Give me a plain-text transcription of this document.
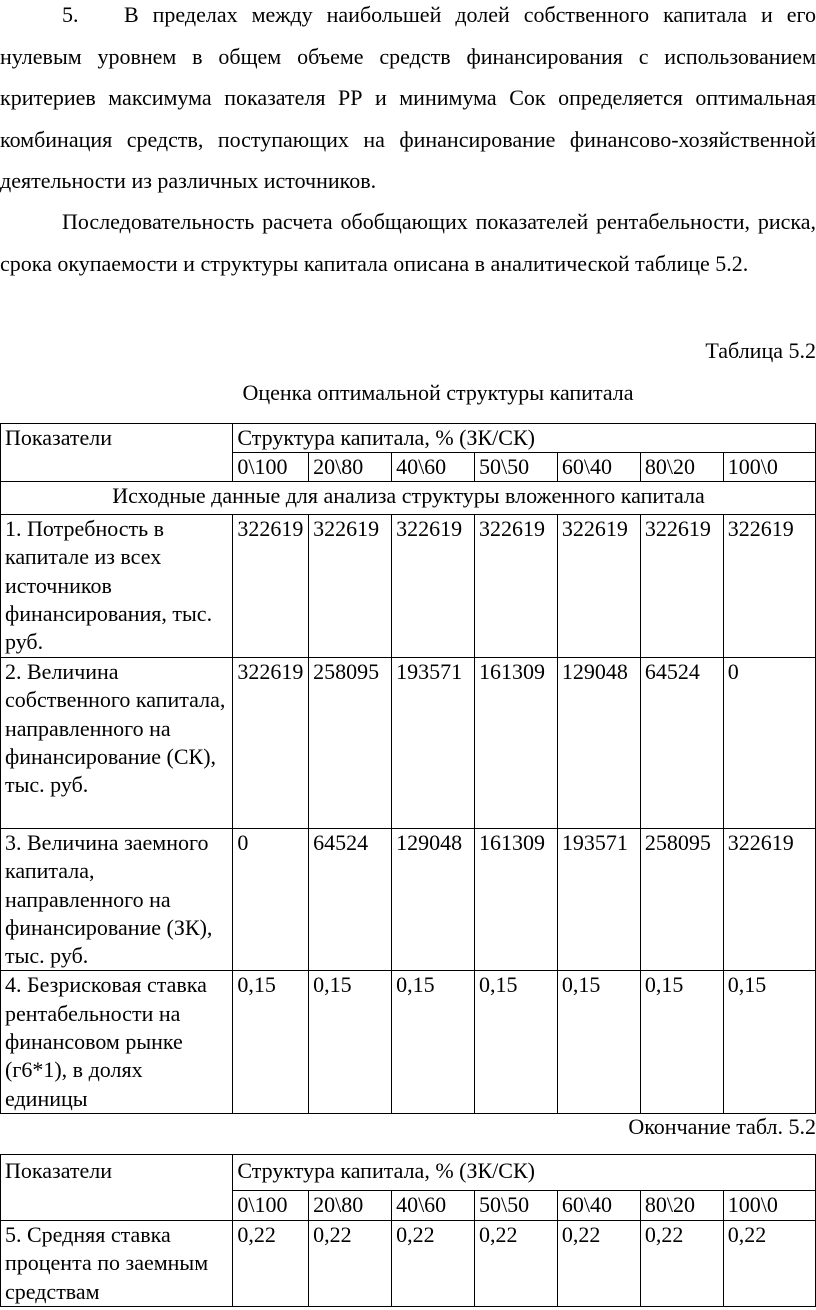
5. В пределах между наибольшей долей собственного капитала и его нулевым уровнем в общем объеме средств финансирования с использованием критериев максимума показателя РР и минимума Сок определяется оптимальная комбинация средств, поступающих на финансирование финансово-хозяйственной деятельности из различных источников.

Последовательность расчета обобщающих показателей рентабельности, риска, срока окупаемости и структуры капитала описана в аналитической таблице 5.2.

Таблица 5.2

Оценка оптимальной структуры капитала

Показатели	Структура капитала, % (ЗК/СК)						
	0\100	20\80	40\60	50\50	60\40	80\20	100\0
Исходные данные для анализа структуры вложенного капитала							
1. Потребность в капитале из всех источников финансирования, тыс. руб.	322619	322619	322619	322619	322619	322619	322619
2. Величина собственного капитала, направленного на финансирование (СК), тыс. руб.	322619	258095	193571	161309	129048	64524	0
3. Величина заемного капитала, направленного на финансирование (ЗК), тыс. руб.	0	64524	129048	161309	193571	258095	322619
4. Безрисковая ставка рентабельности на финансовом рынке (г6*1), в долях единицы	0,15	0,15	0,15	0,15	0,15	0,15	0,15

Окончание табл. 5.2

Показатели	Структура капитала, % (ЗК/СК)						
	0\100	20\80	40\60	50\50	60\40	80\20	100\0
5. Средняя ставка процента по заемным средствам	0,22	0,22	0,22	0,22	0,22	0,22	0,22
